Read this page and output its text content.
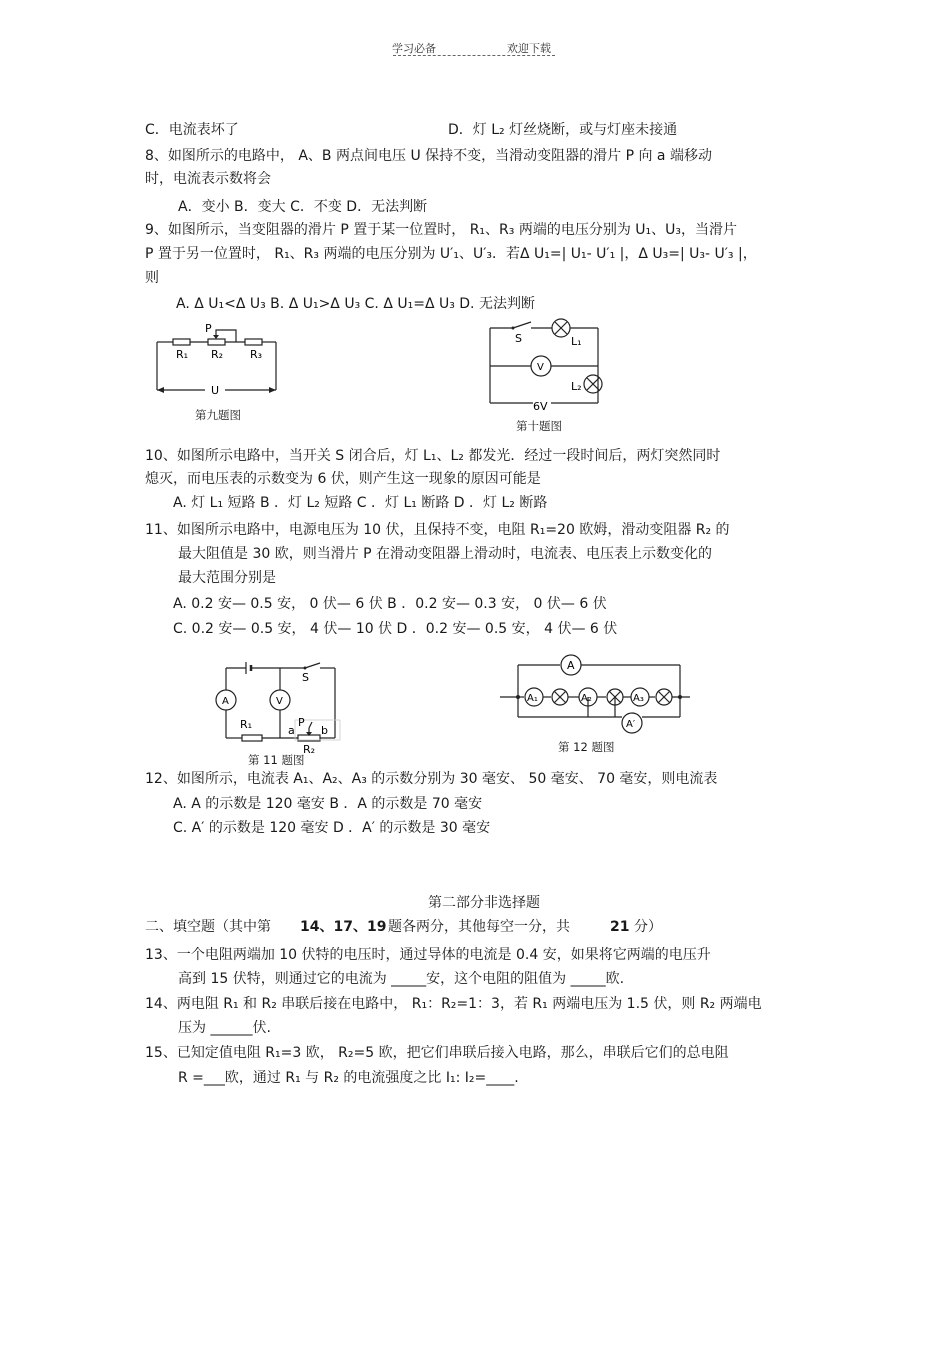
学习必备	欢迎下载
C．电流表坏了	D．灯 L₂ 灯丝烧断，或与灯座未接通
8、如图所示的电路中， A、B 两点间电压 U 保持不变，当滑动变阻器的滑片 P 向 a 端移动
时，电流表示数将会
A．变小 B．变大 C．不变 D．无法判断
9、如图所示，当变阻器的滑片 P 置于某一位置时， R₁、R₃ 两端的电压分别为 U₁、U₃，当滑片
P 置于另一位置时， R₁、R₃ 两端的电压分别为 U′₁、U′₃．若Δ U₁=| U₁- U′₁ |，Δ U₃=| U₃- U′₃ |，
则
A. Δ U₁<Δ U₃ B. Δ U₁>Δ U₃ C. Δ U₁=Δ U₃ D. 无法判断
P
R₁ R₂ R₃
U
第九题图
S	L₁
V
L₂
6V
第十题图
10、如图所示电路中，当开关 S 闭合后，灯 L₁、L₂ 都发光．经过一段时间后，两灯突然同时
熄灭，而电压表的示数变为 6 伏，则产生这一现象的原因可能是
A. 灯 L₁ 短路 B ．灯 L₂ 短路 C ．灯 L₁ 断路 D ．灯 L₂ 断路
11、如图所示电路中，电源电压为 10 伏，且保持不变，电阻 R₁=20 欧姆，滑动变阻器 R₂ 的
最大阻值是 30 欧，则当滑片 P 在滑动变阻器上滑动时，电流表、电压表上示数变化的
最大范围分别是
A. 0.2 安— 0.5 安， 0 伏— 6 伏 B ．0.2 安— 0.3 安， 0 伏— 6 伏
C. 0.2 安— 0.5 安， 4 伏— 10 伏 D ．0.2 安— 0.5 安， 4 伏— 6 伏
A	V
S
R₁	P
a b
R₂
第 11 题图
A
A₁	A₂	A₃
A′
第 12 题图
12、如图所示，电流表 A₁、A₂、A₃ 的示数分别为 30 毫安、 50 毫安、 70 毫安，则电流表
A. A 的示数是 120 毫安 B ．A 的示数是 70 毫安
C. A′ 的示数是 120 毫安 D ．A′ 的示数是 30 毫安
第二部分非选择题
二、填空题（其中第 14、17、19 题各两分，其他每空一分，共	21 分）
13、一个电阻两端加 10 伏特的电压时，通过导体的电流是 0.4 安，如果将它两端的电压升
高到 15 伏特，则通过它的电流为 _____安，这个电阻的阻值为 _____欧.
14、两电阻 R₁ 和 R₂ 串联后接在电路中， R₁：R₂=1：3，若 R₁ 两端电压为 1.5 伏，则 R₂ 两端电
压为 ______伏.
15、已知定值电阻 R₁=3 欧， R₂=5 欧，把它们串联后接入电路，那么，串联后它们的总电阻
R =___欧，通过 R₁ 与 R₂ 的电流强度之比 I₁: I₂=____.
